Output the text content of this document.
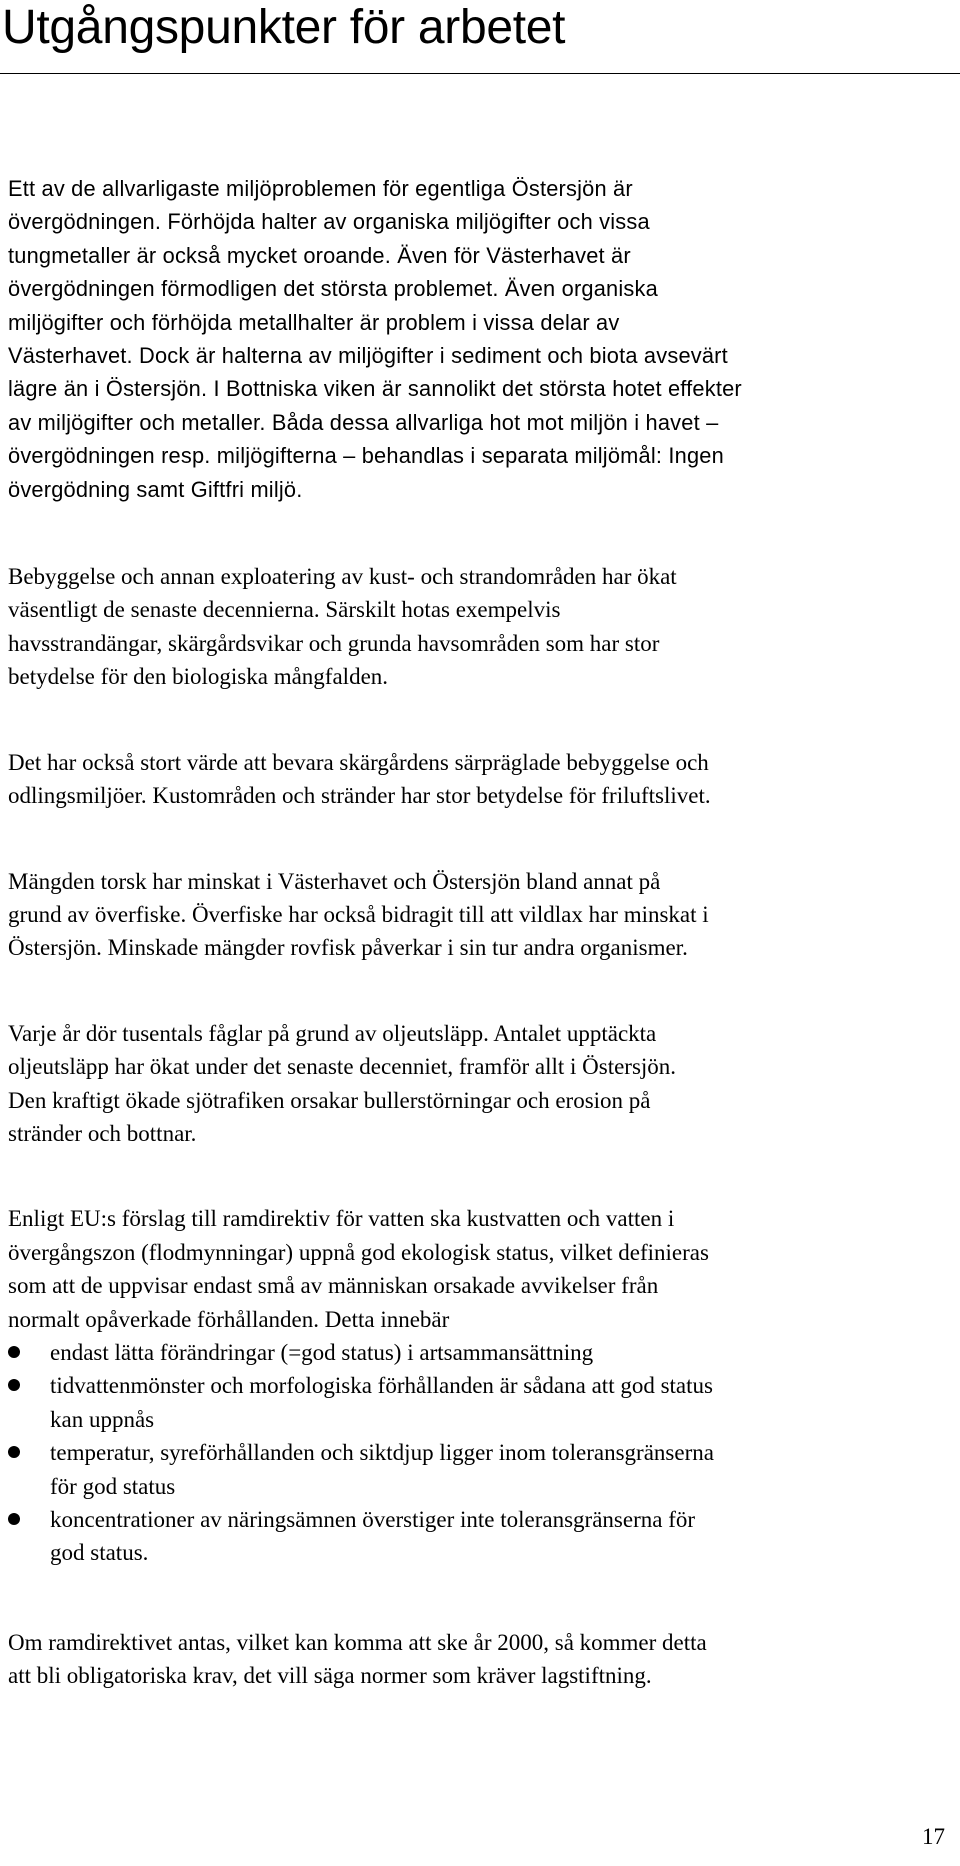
Utgångspunkter för arbetet

Ett av de allvarligaste miljöproblemen för egentliga Östersjön är
övergödningen. Förhöjda halter av organiska miljögifter och vissa
tungmetaller är också mycket oroande. Även för Västerhavet är
övergödningen förmodligen det största problemet. Även organiska
miljögifter och förhöjda metallhalter är problem i vissa delar av
Västerhavet. Dock är halterna av miljögifter i sediment och biota avsevärt
lägre än i Östersjön. I Bottniska viken är sannolikt det största hotet effekter
av miljögifter och metaller. Båda dessa allvarliga hot mot miljön i havet –
övergödningen resp. miljögifterna – behandlas i separata miljömål: Ingen
övergödning samt Giftfri miljö.

Bebyggelse och annan exploatering av kust- och strandområden har ökat
väsentligt de senaste decennierna. Särskilt hotas exempelvis
havsstrandängar, skärgårdsvikar och grunda havsområden som har stor
betydelse för den biologiska mångfalden.

Det har också stort värde att bevara skärgårdens särpräglade bebyggelse och
odlingsmiljöer. Kustområden och stränder har stor betydelse för friluftslivet.

Mängden torsk har minskat i Västerhavet och Östersjön bland annat på
grund av överfiske. Överfiske har också bidragit till att vildlax har minskat i
Östersjön. Minskade mängder rovfisk påverkar i sin tur andra organismer.

Varje år dör tusentals fåglar på grund av oljeutsläpp. Antalet upptäckta
oljeutsläpp har ökat under det senaste decenniet, framför allt i Östersjön.
Den kraftigt ökade sjötrafiken orsakar bullerstörningar och erosion på
stränder och bottnar.

Enligt EU:s förslag till ramdirektiv för vatten ska kustvatten och vatten i
övergångszon (flodmynningar) uppnå god ekologisk status, vilket definieras
som att de uppvisar endast små av människan orsakade avvikelser från
normalt opåverkade förhållanden. Detta innebär

endast lätta förändringar (=god status) i artsammansättning
tidvattenmönster och morfologiska förhållanden är sådana att god status
kan uppnås
temperatur, syreförhållanden och siktdjup ligger inom toleransgränserna
för god status
koncentrationer av näringsämnen överstiger inte toleransgränserna för
god status.

Om ramdirektivet antas, vilket kan komma att ske år 2000, så kommer detta
att bli obligatoriska krav, det vill säga normer som kräver lagstiftning.

17
